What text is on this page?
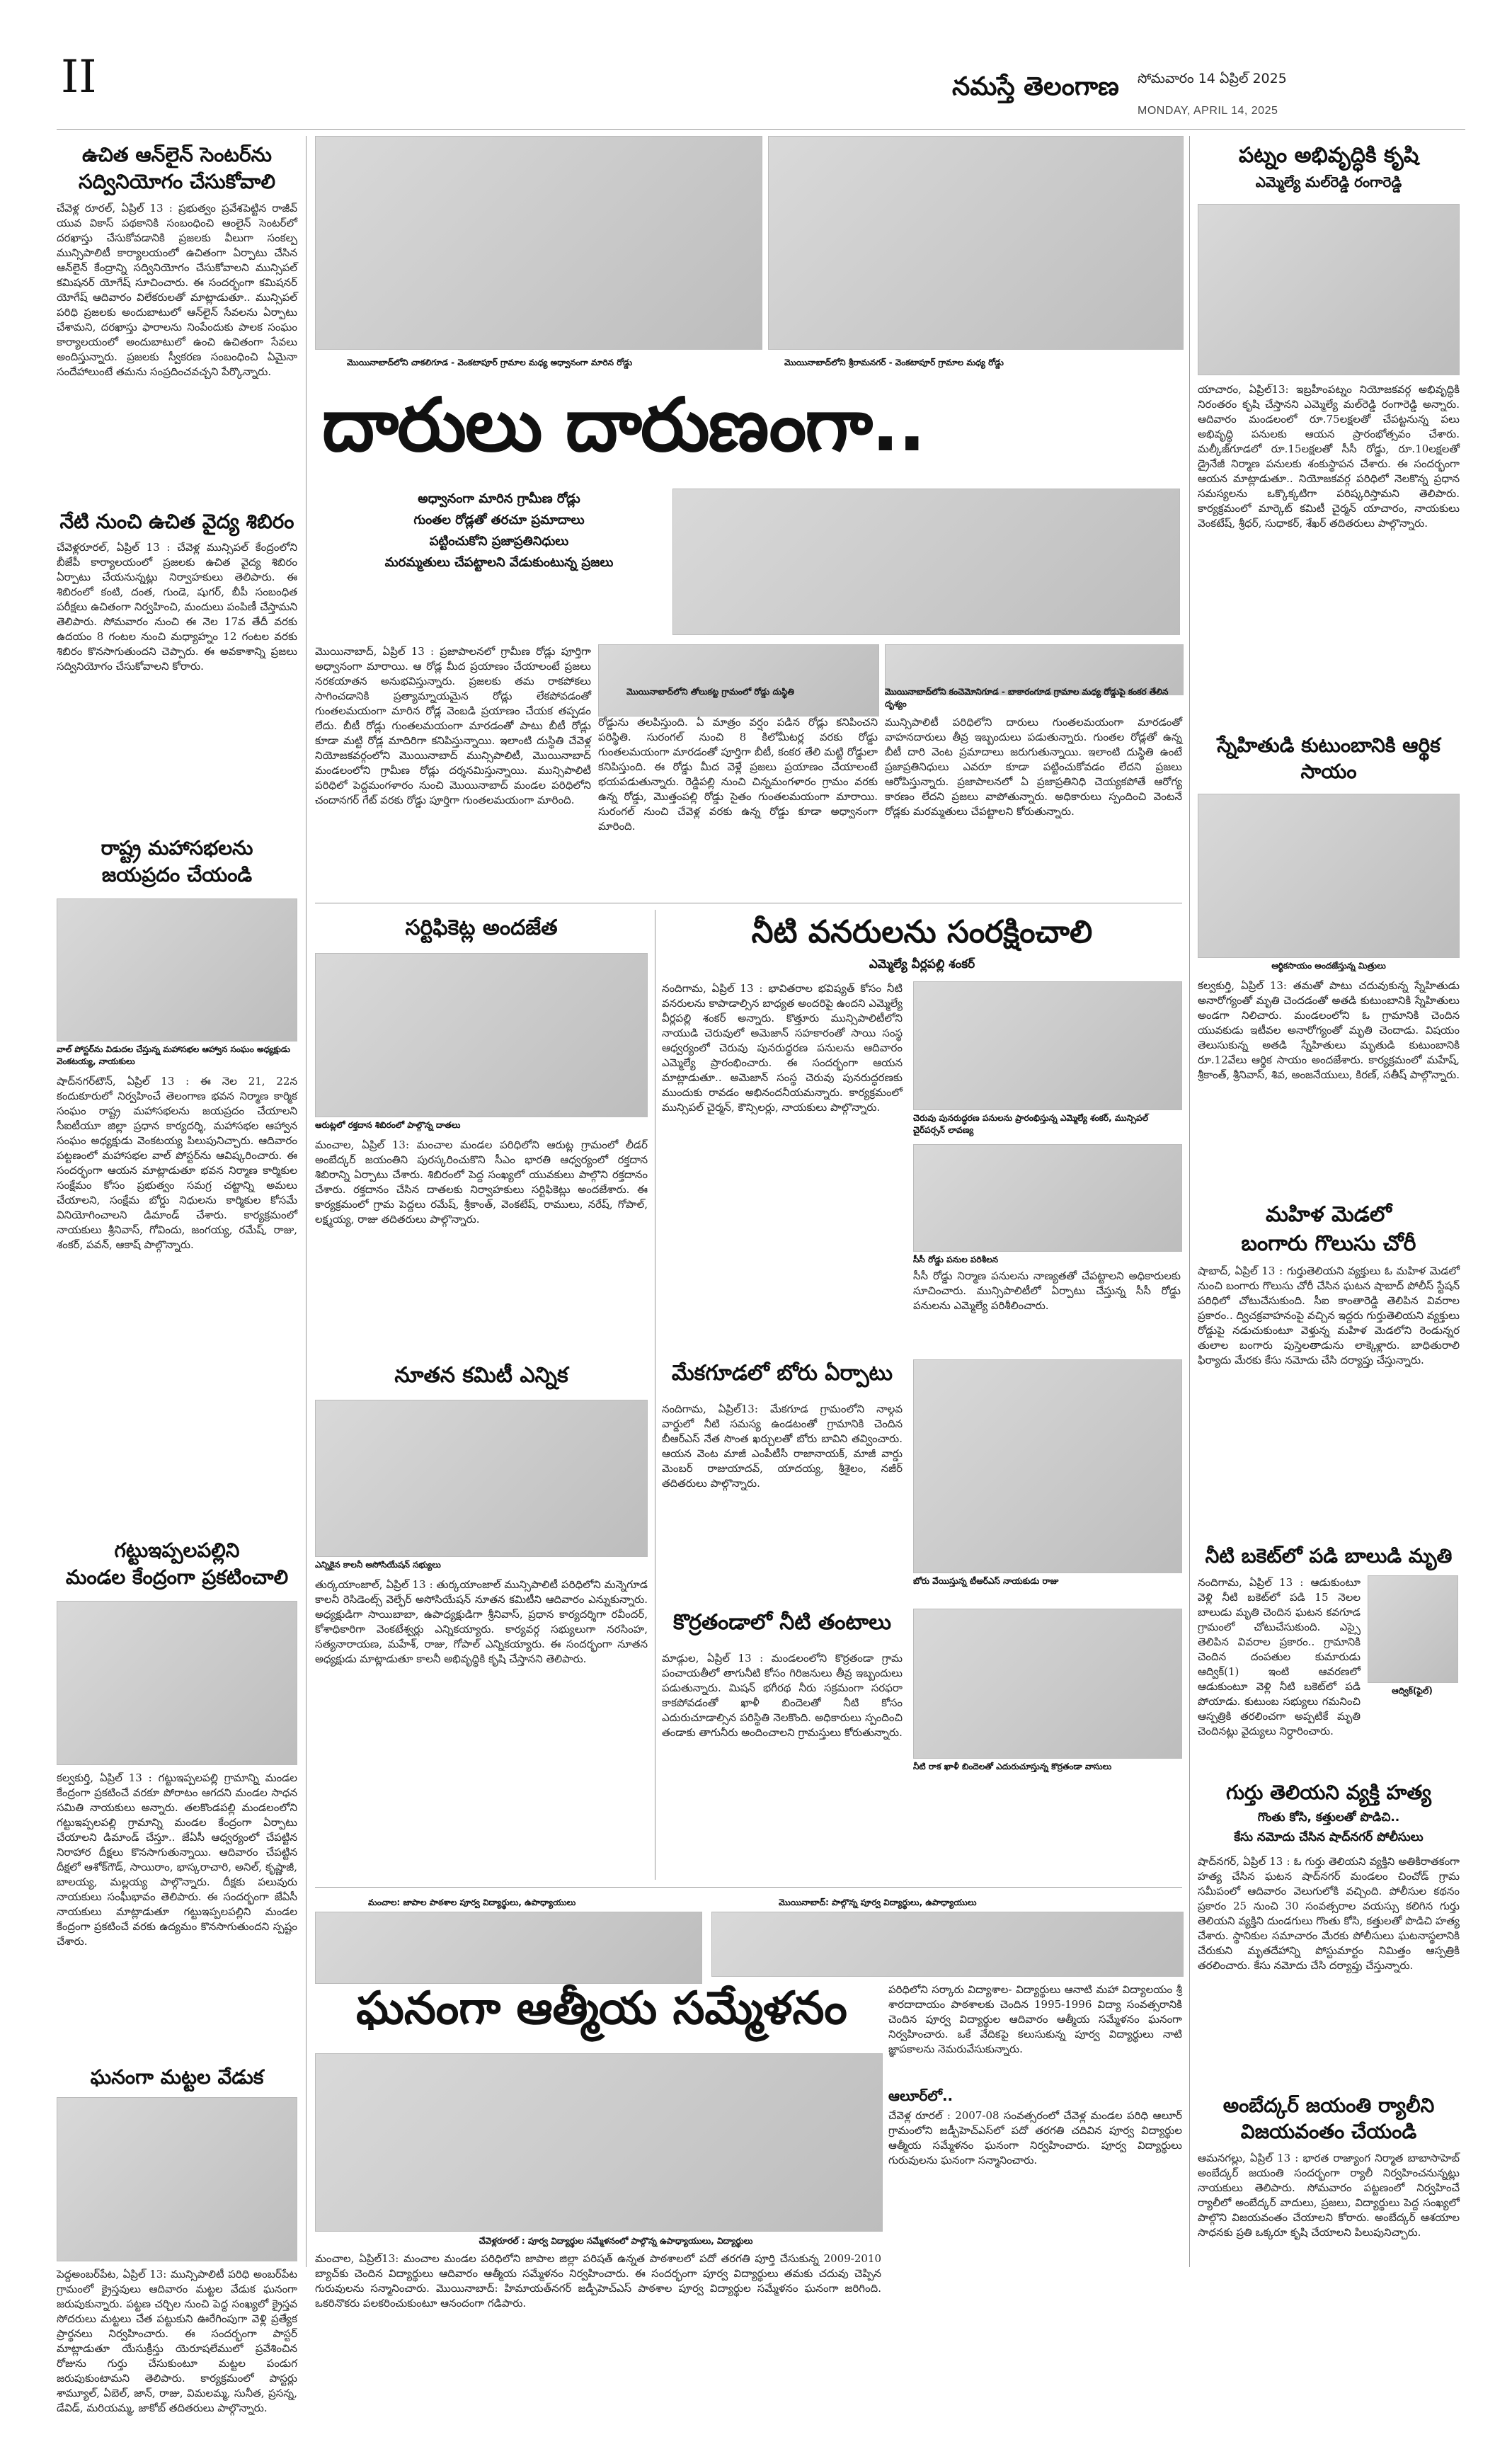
II	నమస్తే తెలంగాణ సోమవారం 14 ఏప్రిల్ 2025
MONDAY, APRIL 14, 2025
ఉచిత ఆన్‌లైన్ సెంటర్‌ను
సద్వినియోగం చేసుకోవాలి
చేవెళ్ల రూరల్, ఏప్రిల్ 13 : ప్రభుత్వం ప్రవేశపెట్టిన రాజీవ్ యువ వికాస్ పథకానికి సంబంధించి ఆంలైన్ సెంటర్‌లో దరఖాస్తు చేసుకోవడానికి ప్రజలకు వీలుగా సంకల్ప మున్సిపాలిటీ కార్యాలయంలో ఉచితంగా ఏర్పాటు చేసిన ఆన్‌లైన్ కేంద్రాన్ని సద్వినియోగం చేసుకోవాలని మున్సిపల్ కమిషనర్ యోగేష్ సూచించారు. ఈ సందర్భంగా కమిషనర్ యోగేష్ ఆదివారం విలేకరులతో మాట్లాడుతూ.. మున్సిపల్ పరిధి ప్రజలకు అందుబాటులో ఆన్‌లైన్ సేవలను ఏర్పాటు చేశామని, దరఖాస్తు ఫారాలను నింపేందుకు పాలక సంఘం కార్యాలయంలో అందుబాటులో ఉంచి ఉచితంగా సేవలు అందిస్తున్నారు. ప్రజలకు స్వీకరణ సంబంధించి ఏమైనా సందేహాలుంటే తమను సంప్రదించవచ్చని పేర్కొన్నారు.
నేటి నుంచి ఉచిత వైద్య శిబిరం
చేవెళ్లరూరల్, ఏప్రిల్ 13 : చేవెళ్ల మున్సిపల్ కేంద్రంలోని బీజేపీ కార్యాలయంలో ప్రజలకు ఉచిత వైద్య శిబిరం ఏర్పాటు చేయనున్నట్లు నిర్వాహకులు తెలిపారు. ఈ శిబిరంలో కంటి, దంత, గుండె, షుగర్, బీపీ సంబంధిత పరీక్షలు ఉచితంగా నిర్వహించి, మందులు పంపిణీ చేస్తామని తెలిపారు. సోమవారం నుంచి ఈ నెల 17వ తేదీ వరకు ఉదయం 8 గంటల నుంచి మధ్యాహ్నం 12 గంటల వరకు శిబిరం కొనసాగుతుందని చెప్పారు. ఈ అవకాశాన్ని ప్రజలు సద్వినియోగం చేసుకోవాలని కోరారు.
రాష్ట్ర మహాసభలను
జయప్రదం చేయండి
వాల్ పోస్టర్‌ను విడుదల చేస్తున్న మహాసభల ఆహ్వాన సంఘం అధ్యక్షుడు వెంకటయ్య, నాయకులు
షాద్‌నగర్‌టౌన్, ఏప్రిల్ 13 : ఈ నెల 21, 22న కందుకూరులో నిర్వహించే తెలంగాణ భవన నిర్మాణ కార్మిక సంఘం రాష్ట్ర మహాసభలను జయప్రదం చేయాలని సీఐటీయూ జిల్లా ప్రధాన కార్యదర్శి, మహాసభల ఆహ్వాన సంఘం అధ్యక్షుడు వెంకటయ్య పిలుపునిచ్చారు. ఆదివారం పట్టణంలో మహాసభల వాల్ పోస్టర్‌ను ఆవిష్కరించారు. ఈ సందర్భంగా ఆయన మాట్లాడుతూ భవన నిర్మాణ కార్మికుల సంక్షేమం కోసం ప్రభుత్వం సమగ్ర చట్టాన్ని అమలు చేయాలని, సంక్షేమ బోర్డు నిధులను కార్మికుల కోసమే వినియోగించాలని డిమాండ్ చేశారు. కార్యక్రమంలో నాయకులు శ్రీనివాస్, గోవిందు, జంగయ్య, రమేష్, రాజు, శంకర్, పవన్, ఆకాష్ పాల్గొన్నారు.
గట్టుఇప్పలపల్లిని
మండల కేంద్రంగా ప్రకటించాలి
కల్వకుర్తి, ఏప్రిల్ 13 : గట్టుఇప్పలపల్లి గ్రామాన్ని మండల కేంద్రంగా ప్రకటించే వరకూ పోరాటం ఆగదని మండల సాధన సమితి నాయకులు అన్నారు. తలకొండపల్లి మండలంలోని గట్టుఇప్పలపల్లి గ్రామాన్ని మండల కేంద్రంగా ఏర్పాటు చేయాలని డిమాండ్ చేస్తూ.. జేఏసీ ఆధ్వర్యంలో చేపట్టిన నిరాహార దీక్షలు కొనసాగుతున్నాయి. ఆదివారం చేపట్టిన దీక్షలో ఆశోక్‌గౌడ్, సాయిరాం, భాస్కరాచారి, అనిల్, కృష్ణాజీ, బాలయ్య, మల్లయ్య పాల్గొన్నారు. దీక్షకు పలువురు నాయకులు సంఘీభావం తెలిపారు. ఈ సందర్భంగా జేఏసీ నాయకులు మాట్లాడుతూ గట్టుఇప్పలపల్లిని మండల కేంద్రంగా ప్రకటించే వరకు ఉద్యమం కొనసాగుతుందని స్పష్టం చేశారు.
ఘనంగా మట్టల వేడుక
పెద్దఅంబర్‌పేట, ఏప్రిల్ 13: మున్సిపాలిటీ పరిధి అంబర్‌పేట గ్రామంలో క్రైస్తవులు ఆదివారం మట్టల వేడుక ఘనంగా జరుపుకున్నారు. పట్టణ చర్చిల నుంచి పెద్ద సంఖ్యలో క్రైస్తవ సోదరులు మట్టలు చేత పట్టుకుని ఊరేగింపుగా వెళ్లి ప్రత్యేక ప్రార్థనలు నిర్వహించారు. ఈ సందర్భంగా పాస్టర్ మాట్లాడుతూ యేసుక్రీస్తు యెరూషలేములో ప్రవేశించిన రోజును గుర్తు చేసుకుంటూ మట్టల పండుగ జరుపుకుంటామని తెలిపారు. కార్యక్రమంలో పాస్టర్లు శామ్యూల్, ఏబెల్, జాన్, రాజు, విమలమ్మ, సునీత, ప్రసన్న, డేవిడ్, మరియమ్మ, జాకోబ్ తదితరులు పాల్గొన్నారు.
పట్నం అభివృద్ధికి కృషి
ఎమ్మెల్యే మల్‌రెడ్డి రంగారెడ్డి
యాచారం, ఏప్రిల్13: ఇబ్రహీంపట్నం నియోజకవర్గ అభివృద్ధికి నిరంతరం కృషి చేస్తానని ఎమ్మెల్యే మల్‌రెడ్డి రంగారెడ్డి అన్నారు. ఆదివారం మండలంలో రూ.75లక్షలతో చేపట్టనున్న పలు అభివృద్ధి పనులకు ఆయన ప్రారంభోత్సవం చేశారు. మల్కీజ్‌గూడలో రూ.15లక్షలతో సీసీ రోడ్డు, రూ.10లక్షలతో డ్రైనేజీ నిర్మాణ పనులకు శంకుస్థాపన చేశారు. ఈ సందర్భంగా ఆయన మాట్లాడుతూ.. నియోజకవర్గ పరిధిలో నెలకొన్న ప్రధాన సమస్యలను ఒక్కొక్కటిగా పరిష్కరిస్తామని తెలిపారు. కార్యక్రమంలో మార్కెట్ కమిటీ చైర్మన్ యాచారం, నాయకులు వెంకటేష్, శ్రీధర్, సుధాకర్, శేఖర్ తదితరులు పాల్గొన్నారు.
స్నేహితుడి కుటుంబానికి ఆర్థిక సాయం
ఆర్థికసాయం అందజేస్తున్న మిత్రులు
కల్వకుర్తి, ఏప్రిల్ 13: తమతో పాటు చదువుకున్న స్నేహితుడు అనారోగ్యంతో మృతి చెందడంతో అతడి కుటుంబానికి స్నేహితులు అండగా నిలిచారు. మండలంలోని ఓ గ్రామానికి చెందిన యువకుడు ఇటీవల అనారోగ్యంతో మృతి చెందాడు. విషయం తెలుసుకున్న అతడి స్నేహితులు మృతుడి కుటుంబానికి రూ.12వేలు ఆర్థిక సాయం అందజేశారు. కార్యక్రమంలో మహేష్, శ్రీకాంత్, శ్రీనివాస్, శివ, అంజనేయులు, కిరణ్, సతీష్ పాల్గొన్నారు.
మహిళ మెడలో
బంగారు గొలుసు చోరీ
షాబాద్, ఏప్రిల్ 13 : గుర్తుతెలియని వ్యక్తులు ఓ మహిళ మెడలో నుంచి బంగారు గొలుసు చోరీ చేసిన ఘటన షాబాద్ పోలీస్ స్టేషన్ పరిధిలో చోటుచేసుకుంది. సీఐ కాంతారెడ్డి తెలిపిన వివరాల ప్రకారం.. ద్విచక్రవాహనంపై వచ్చిన ఇద్దరు గుర్తుతెలియని వ్యక్తులు రోడ్డుపై నడుచుకుంటూ వెళ్తున్న మహిళ మెడలోని రెండున్నర తులాల బంగారు పుస్తెలతాడును లాక్కెళ్లారు. బాధితురాలి ఫిర్యాదు మేరకు కేసు నమోదు చేసి దర్యాప్తు చేస్తున్నారు.
నీటి బకెట్‌లో పడి బాలుడి మృతి
నందిగామ, ఏప్రిల్ 13 : ఆడుకుంటూ వెళ్లి నీటి బకెట్‌లో పడి 15 నెలల బాలుడు మృతి చెందిన ఘటన కవగూడ గ్రామంలో చోటుచేసుకుంది. ఎస్సై తెలిపిన వివరాల ప్రకారం.. గ్రామానికి చెందిన దంపతుల కుమారుడు ఆద్విక్(1) ఇంటి ఆవరణలో ఆడుకుంటూ వెళ్లి నీటి బకెట్‌లో పడి పోయాడు. కుటుంబ సభ్యులు గమనించి ఆస్పత్రికి తరలించగా అప్పటికే మృతి చెందినట్లు వైద్యులు నిర్ధారించారు.
ఆద్విక్(ఫైల్)
గుర్తు తెలియని వ్యక్తి హత్య
గొంతు కోసి, కత్తులతో పొడిచి..
కేసు నమోదు చేసిన షాద్‌నగర్ పోలీసులు
షాద్‌నగర్, ఏప్రిల్ 13 : ఓ గుర్తు తెలియని వ్యక్తిని అతికిరాతకంగా హత్య చేసిన ఘటన షాద్‌నగర్ మండలం చించోడ్ గ్రామ సమీపంలో ఆదివారం వెలుగులోకి వచ్చింది. పోలీసుల కథనం ప్రకారం 25 నుంచి 30 సంవత్సరాల వయస్సు కలిగిన గుర్తు తెలియని వ్యక్తిని దుండగులు గొంతు కోసి, కత్తులతో పొడిచి హత్య చేశారు. స్థానికుల సమాచారం మేరకు పోలీసులు ఘటనాస్థలానికి చేరుకుని మృతదేహాన్ని పోస్టుమార్టం నిమిత్తం ఆస్పత్రికి తరలించారు. కేసు నమోదు చేసి దర్యాప్తు చేస్తున్నారు.
అంబేద్కర్ జయంతి ర్యాలీని
విజయవంతం చేయండి
ఆమనగల్లు, ఏప్రిల్ 13 : భారత రాజ్యాంగ నిర్మాత బాబాసాహెబ్ అంబేద్కర్ జయంతి సందర్భంగా ర్యాలీ నిర్వహించనున్నట్లు నాయకులు తెలిపారు. సోమవారం పట్టణంలో నిర్వహించే ర్యాలీలో అంబేద్కర్ వాదులు, ప్రజలు, విద్యార్థులు పెద్ద సంఖ్యలో పాల్గొని విజయవంతం చేయాలని కోరారు. అంబేద్కర్ ఆశయాల సాధనకు ప్రతి ఒక్కరూ కృషి చేయాలని పిలుపునిచ్చారు.
మొయినాబాద్‌లోని చాకలిగూడ - వెంకటాపూర్ గ్రామాల మధ్య అధ్వానంగా మారిన రోడ్డు	మొయినాబాద్‌లోని శ్రీరామనగర్ - వెంకటాపూర్ గ్రామాల మధ్య రోడ్డు
దారులు దారుణంగా..
అధ్వానంగా మారిన గ్రామీణ రోడ్లు
గుంతల రోడ్లతో తరచూ ప్రమాదాలు
పట్టించుకోని ప్రజాప్రతినిధులు
మరమ్మతులు చేపట్టాలని వేడుకుంటున్న ప్రజలు
మొయినాబాద్, ఏప్రిల్ 13 : ప్రజాపాలనలో గ్రామీణ రోడ్లు పూర్తిగా అధ్వానంగా మారాయి. ఆ రోడ్ల మీద ప్రయాణం చేయాలంటే ప్రజలు నరకయాతన అనుభవిస్తున్నారు. ప్రజలకు తమ రాకపోకలు సాగించడానికి ప్రత్యామ్నాయమైన రోడ్లు లేకపోవడంతో గుంతలమయంగా మారిన రోడ్ల వెంబడి ప్రయాణం చేయక తప్పడం లేదు. బీటీ రోడ్లు గుంతలమయంగా మారడంతో పాటు బీటీ రోడ్లు కూడా మట్టి రోడ్ల మాదిరిగా కనిపిస్తున్నాయి. ఇలాంటి దుస్థితి చేవెళ్ల నియోజకవర్గంలోని మొయినాబాద్ మున్సిపాలిటీ, మొయినాబాద్ మండలంలోని గ్రామీణ రోడ్లు దర్శనమిస్తున్నాయి. మున్సిపాలిటీ పరిధిలో పెద్దమంగళారం నుంచి మొయినాబాద్ మండల పరిధిలోని చందానగర్ గేట్ వరకు రోడ్డు పూర్తిగా గుంతలమయంగా మారింది.
మొయినాబాద్‌లోని తోలుకట్ట గ్రామంలో రోడ్డు దుస్థితి
రోడ్డును తలపిస్తుంది. ఏ మాత్రం వర్షం పడిన రోడ్లు కనిపించని పరిస్థితి. సురంగల్ నుంచి 8 కిలోమీటర్ల వరకు రోడ్డు గుంతలమయంగా మారడంతో పూర్తిగా బీటీ, కంకర తేలి మట్టి రోడ్డులా కనిపిస్తుంది. ఈ రోడ్డు మీద వెళ్లే ప్రజలు ప్రయాణం చేయాలంటే భయపడుతున్నారు. రెడ్డిపల్లి నుంచి చిన్నమంగళారం గ్రామం వరకు ఉన్న రోడ్డు, మొత్తంపల్లి రోడ్డు సైతం గుంతలమయంగా మారాయి. సురంగల్ నుంచి చేవెళ్ల వరకు ఉన్న రోడ్డు కూడా అధ్వానంగా మారింది.
మొయినాబాద్‌లోని కంచెమోనిగూడ - బాకారంగూడ గ్రామాల మధ్య రోడ్డుపై కంకర తేలిన దృశ్యం
మున్సిపాలిటీ పరిధిలోని దారులు గుంతలమయంగా మారడంతో వాహనదారులు తీవ్ర ఇబ్బందులు పడుతున్నారు. గుంతల రోడ్లతో ఉన్న బీటీ దారి వెంట ప్రమాదాలు జరుగుతున్నాయి. ఇలాంటి దుస్థితి ఉంటే ప్రజాప్రతినిధులు ఎవరూ కూడా పట్టించుకోవడం లేదని ప్రజలు ఆరోపిస్తున్నారు. ప్రజాపాలనలో ఏ ప్రజాప్రతినిధి చెయ్యకపోతే ఆరోగ్య కారణం లేదని ప్రజలు వాపోతున్నారు. అధికారులు స్పందించి వెంటనే రోడ్లకు మరమ్మతులు చేపట్టాలని కోరుతున్నారు.
సర్టిఫికెట్ల అందజేత
ఆరుట్లలో రక్తదాన శిబిరంలో పాల్గొన్న దాతలు
మంచాల, ఏప్రిల్ 13: మంచాల మండల పరిధిలోని ఆరుట్ల గ్రామంలో లీడర్ అంబేద్కర్ జయంతిని పురస్కరించుకొని సీఎం భారతి ఆధ్వర్యంలో రక్తదాన శిబిరాన్ని ఏర్పాటు చేశారు. శిబిరంలో పెద్ద సంఖ్యలో యువకులు పాల్గొని రక్తదానం చేశారు. రక్తదానం చేసిన దాతలకు నిర్వాహకులు సర్టిఫికెట్లు అందజేశారు. ఈ కార్యక్రమంలో గ్రామ పెద్దలు రమేష్, శ్రీకాంత్, వెంకటేష్, రాములు, నరేష్, గోపాల్, లక్ష్మయ్య, రాజు తదితరులు పాల్గొన్నారు.
నూతన కమిటీ ఎన్నిక
ఎన్నికైన కాలనీ అసోసియేషన్ సభ్యులు
తుర్కయాంజాల్, ఏప్రిల్ 13 : తుర్కయాంజాల్ మున్సిపాలిటీ పరిధిలోని మన్నెగూడ కాలనీ రెసిడెంట్స్ వెల్ఫేర్ అసోసియేషన్ నూతన కమిటీని ఆదివారం ఎన్నుకున్నారు. అధ్యక్షుడిగా సాయిబాబా, ఉపాధ్యక్షుడిగా శ్రీనివాస్, ప్రధాన కార్యదర్శిగా రవీందర్, కోశాధికారిగా వెంకటేశ్వర్లు ఎన్నికయ్యారు. కార్యవర్గ సభ్యులుగా నరసింహ, సత్యనారాయణ, మహేశ్, రాజు, గోపాల్ ఎన్నికయ్యారు. ఈ సందర్భంగా నూతన అధ్యక్షుడు మాట్లాడుతూ కాలనీ అభివృద్ధికి కృషి చేస్తానని తెలిపారు.
నీటి వనరులను సంరక్షించాలి
ఎమ్మెల్యే వీర్లపల్లి శంకర్
నందిగామ, ఏప్రిల్ 13 : భావితరాల భవిష్యత్ కోసం నీటి వనరులను కాపాడాల్సిన బాధ్యత అందరిపై ఉందని ఎమ్మెల్యే వీర్లపల్లి శంకర్ అన్నారు. కొత్తూరు మున్సిపాలిటీలోని నాయుడి చెరువులో అమెజాన్ సహకారంతో సాయి సంస్థ ఆధ్వర్యంలో చెరువు పునరుద్ధరణ పనులను ఆదివారం ఎమ్మెల్యే ప్రారంభించారు. ఈ సందర్భంగా ఆయన మాట్లాడుతూ.. అమెజాన్ సంస్థ చెరువు పునరుద్ధరణకు ముందుకు రావడం అభినందనీయమన్నారు. కార్యక్రమంలో మున్సిపల్ చైర్మన్, కౌన్సిలర్లు, నాయకులు పాల్గొన్నారు.
చెరువు పునరుద్ధరణ పనులను ప్రారంభిస్తున్న ఎమ్మెల్యే శంకర్, మున్సిపల్ చైర్‌పర్సన్ లావణ్య
సీసీ రోడ్డు పనుల పరిశీలన
సీసీ రోడ్డు నిర్మాణ పనులను నాణ్యతతో చేపట్టాలని అధికారులకు సూచించారు. మున్సిపాలిటీలో ఏర్పాటు చేస్తున్న సీసీ రోడ్డు పనులను ఎమ్మెల్యే పరిశీలించారు.
మేకగూడలో బోరు ఏర్పాటు
నందిగామ, ఏప్రిల్13: మేకగూడ గ్రామంలోని నాల్గవ వార్డులో నీటి సమస్య ఉండటంతో గ్రామానికి చెందిన బీఆర్ఎస్ నేత సొంత ఖర్చులతో బోరు బావిని తవ్వించారు. ఆయన వెంట మాజీ ఎంపీటీసీ రాజానాయక్, మాజీ వార్డు మెంబర్ రాజుయాదవ్, యాదయ్య, శ్రీశైలం, నజీర్ తదితరులు పాల్గొన్నారు.
బోరు వేయిస్తున్న టీఆర్ఎస్ నాయకుడు రాజు
కొర్రతండాలో నీటి తంటాలు
మాడ్గుల, ఏప్రిల్ 13 : మండలంలోని కొర్రతండా గ్రామ పంచాయతీలో తాగునీటి కోసం గిరిజనులు తీవ్ర ఇబ్బందులు పడుతున్నారు. మిషన్ భగీరథ నీరు సక్రమంగా సరఫరా కాకపోవడంతో ఖాళీ బిందెలతో నీటి కోసం ఎదురుచూడాల్సిన పరిస్థితి నెలకొంది. అధికారులు స్పందించి తండాకు తాగునీరు అందించాలని గ్రామస్తులు కోరుతున్నారు.
నీటి రాక ఖాళీ బిందెలతో ఎదురుచూస్తున్న కొర్రతండా వాసులు
మంచాల: జాపాల పాఠశాల పూర్వ విద్యార్థులు, ఉపాధ్యాయులు	మొయినాబాద్: పాల్గొన్న పూర్వ విద్యార్థులు, ఉపాధ్యాయులు
ఘనంగా ఆత్మీయ సమ్మేళనం	పరిధిలోని సర్కారు విద్యాశాల- విద్యార్థులు ఆనాటి మహా విద్యాలయం శ్రీ శారదాదాయం పాఠశాలకు చెందిన 1995-1996 విద్యా సంవత్సరానికి చెందిన పూర్వ విద్యార్థుల ఆదివారం ఆత్మీయ సమ్మేళనం ఘనంగా నిర్వహించారు. ఒకే వేదికపై కలుసుకున్న పూర్వ విద్యార్థులు నాటి జ్ఞాపకాలను నెమరువేసుకున్నారు.
ఆలూర్‌లో..
చేవెళ్ల రూరల్ : 2007-08 సంవత్సరంలో చేవెళ్ల మండల పరిధి ఆలూర్ గ్రామంలోని జడ్పీహెచ్ఎస్‌లో పదో తరగతి చదివిన పూర్వ విద్యార్థుల ఆత్మీయ సమ్మేళనం ఘనంగా నిర్వహించారు. పూర్వ విద్యార్థులు గురువులను ఘనంగా సన్మానించారు.
చేవెళ్లరూరల్ : పూర్వ విద్యార్థుల సమ్మేళనంలో పాల్గొన్న ఉపాధ్యాయులు, విద్యార్థులు
మంచాల, ఏప్రిల్13: మంచాల మండల పరిధిలోని జాపాల జిల్లా పరిషత్ ఉన్నత పాఠశాలలో పదో తరగతి పూర్తి చేసుకున్న 2009-2010 బ్యాచ్‌కు చెందిన విద్యార్థులు ఆదివారం ఆత్మీయ సమ్మేళనం నిర్వహించారు. ఈ సందర్భంగా పూర్వ విద్యార్థులు తమకు చదువు చెప్పిన గురువులను సన్మానించారు. మొయినాబాద్: హిమాయత్‌నగర్ జడ్పీహెచ్ఎస్ పాఠశాల పూర్వ విద్యార్థుల సమ్మేళనం ఘనంగా జరిగింది. ఒకరినొకరు పలకరించుకుంటూ ఆనందంగా గడిపారు.
